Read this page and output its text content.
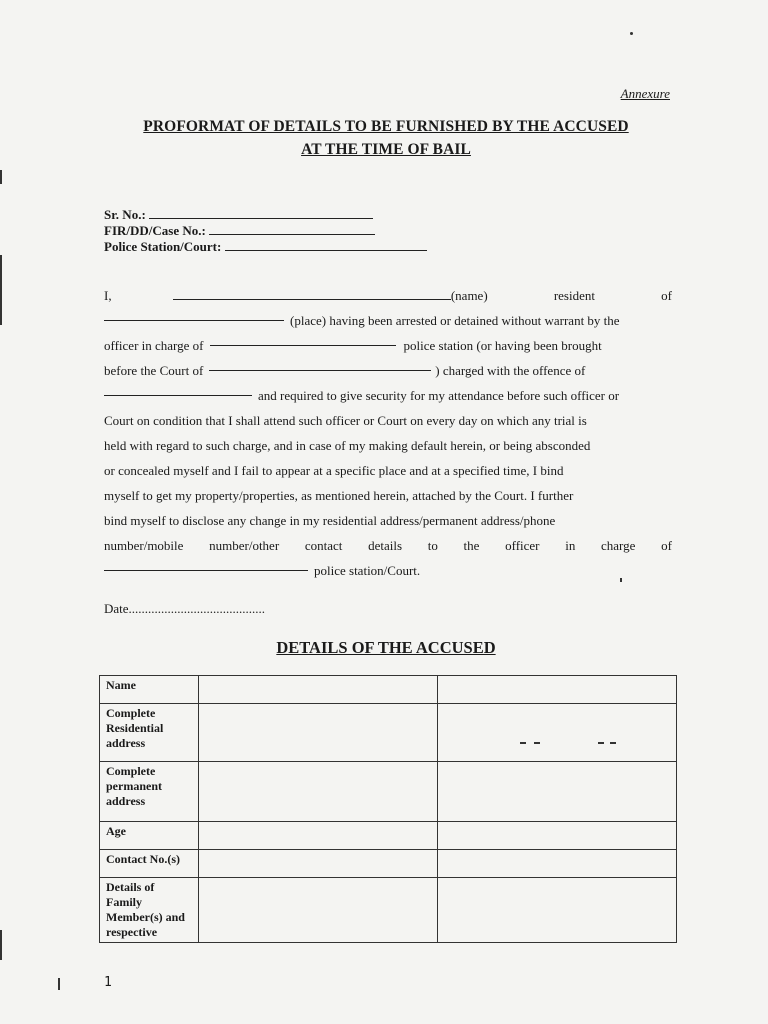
Annexure
PROFORMAT OF DETAILS TO BE FURNISHED BY THE ACCUSED
AT THE TIME OF BAIL
Sr. No.:
FIR/DD/Case No.:
Police Station/Court:
I,	(name)	resident	of
(place) having been arrested or detained without warrant by the
officer in charge of	police station (or having been brought
before the Court of	) charged with the offence of
and required to give security for my attendance before such officer or
Court on condition that I shall attend such officer or Court on every day on which any trial is
held with regard to such charge, and in case of my making default herein, or being absconded
or concealed myself and I fail to appear at a specific place and at a specified time, I bind
myself to get my property/properties, as mentioned herein, attached by the Court. I further
bind myself to disclose any change in my residential address/permanent address/phone
number/mobile number/other contact details to the officer in charge of
police station/Court.
Date..........................................
DETAILS OF THE ACCUSED
Name		
Complete Residential address		
Complete permanent address		
Age		
Contact No.(s)		
Details of Family Member(s) and respective		
1
